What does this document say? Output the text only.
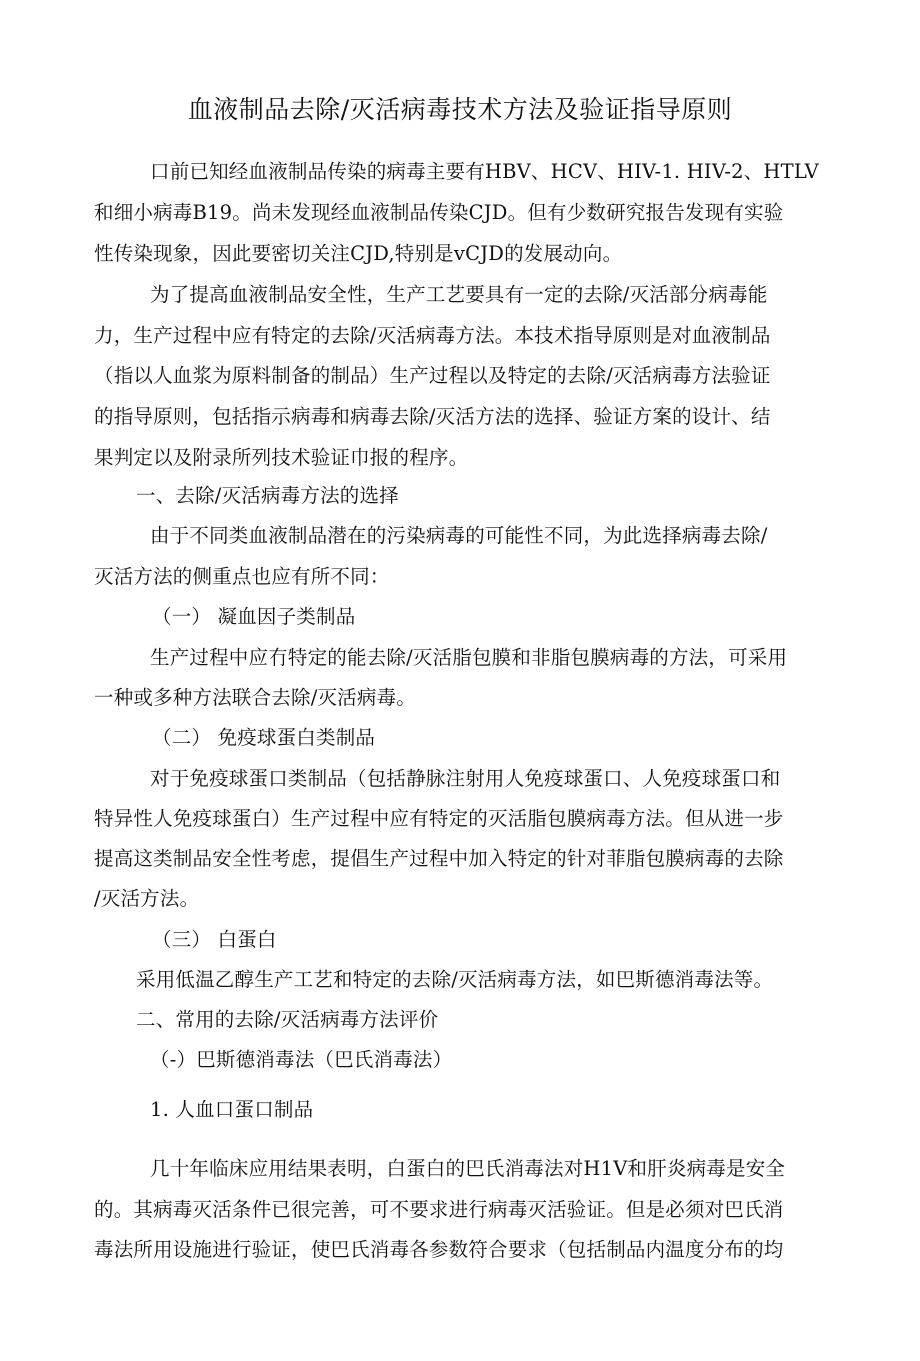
血液制品去除/灭活病毒技术方法及验证指导原则
口前已知经血液制品传染的病毒主要有HBV、HCV、HIV-1. HIV-2、HTLV
和细小病毒B19。尚未发现经血液制品传染CJD。但有少数研究报告发现有实验
性传染现象，因此要密切关注CJD,特别是vCJD的发展动向。
为了提高血液制品安全性，生产工艺要具有一定的去除/灭活部分病毒能
力，生产过程中应有特定的去除/灭活病毒方法。本技术指导原则是对血液制品
（指以人血浆为原料制备的制品）生产过程以及特定的去除/灭活病毒方法验证
的指导原则，包括指示病毒和病毒去除/灭活方法的选择、验证方案的设计、结
果判定以及附录所列技术验证巾报的程序。
一、去除/灭活病毒方法的选择
由于不同类血液制品潜在的污染病毒的可能性不同，为此选择病毒去除/
灭活方法的侧重点也应有所不同：
（一） 凝血因子类制品
生产过程中应冇特定的能去除/灭活脂包膜和非脂包膜病毒的方法，可采用
一种或多种方法联合去除/灭活病毒。
（二） 免疫球蛋白类制品
对于免疫球蛋口类制品（包括静脉注射用人免疫球蛋口、人免疫球蛋口和
特异性人免疫球蛋白）生产过程中应有特定的灭活脂包膜病毒方法。但从进一步
提高这类制品安全性考虑，提倡生产过程中加入特定的针对菲脂包膜病毒的去除
/灭活方法。
（三） 白蛋白
采用低温乙醇生产工艺和特定的去除/灭活病毒方法，如巴斯德消毒法等。
二、常用的去除/灭活病毒方法评价
（-）巴斯德消毒法（巴氏消毒法）
1. 人血口蛋口制品
几十年临床应用结果表明，白蛋白的巴氏消毒法对H1V和肝炎病毒是安全
的。其病毒灭活条件已很完善，可不要求进行病毒灭活验证。但是必须对巴氏消
毒法所用设施进行验证，使巴氏消毒各参数符合要求（包括制品内温度分布的均
